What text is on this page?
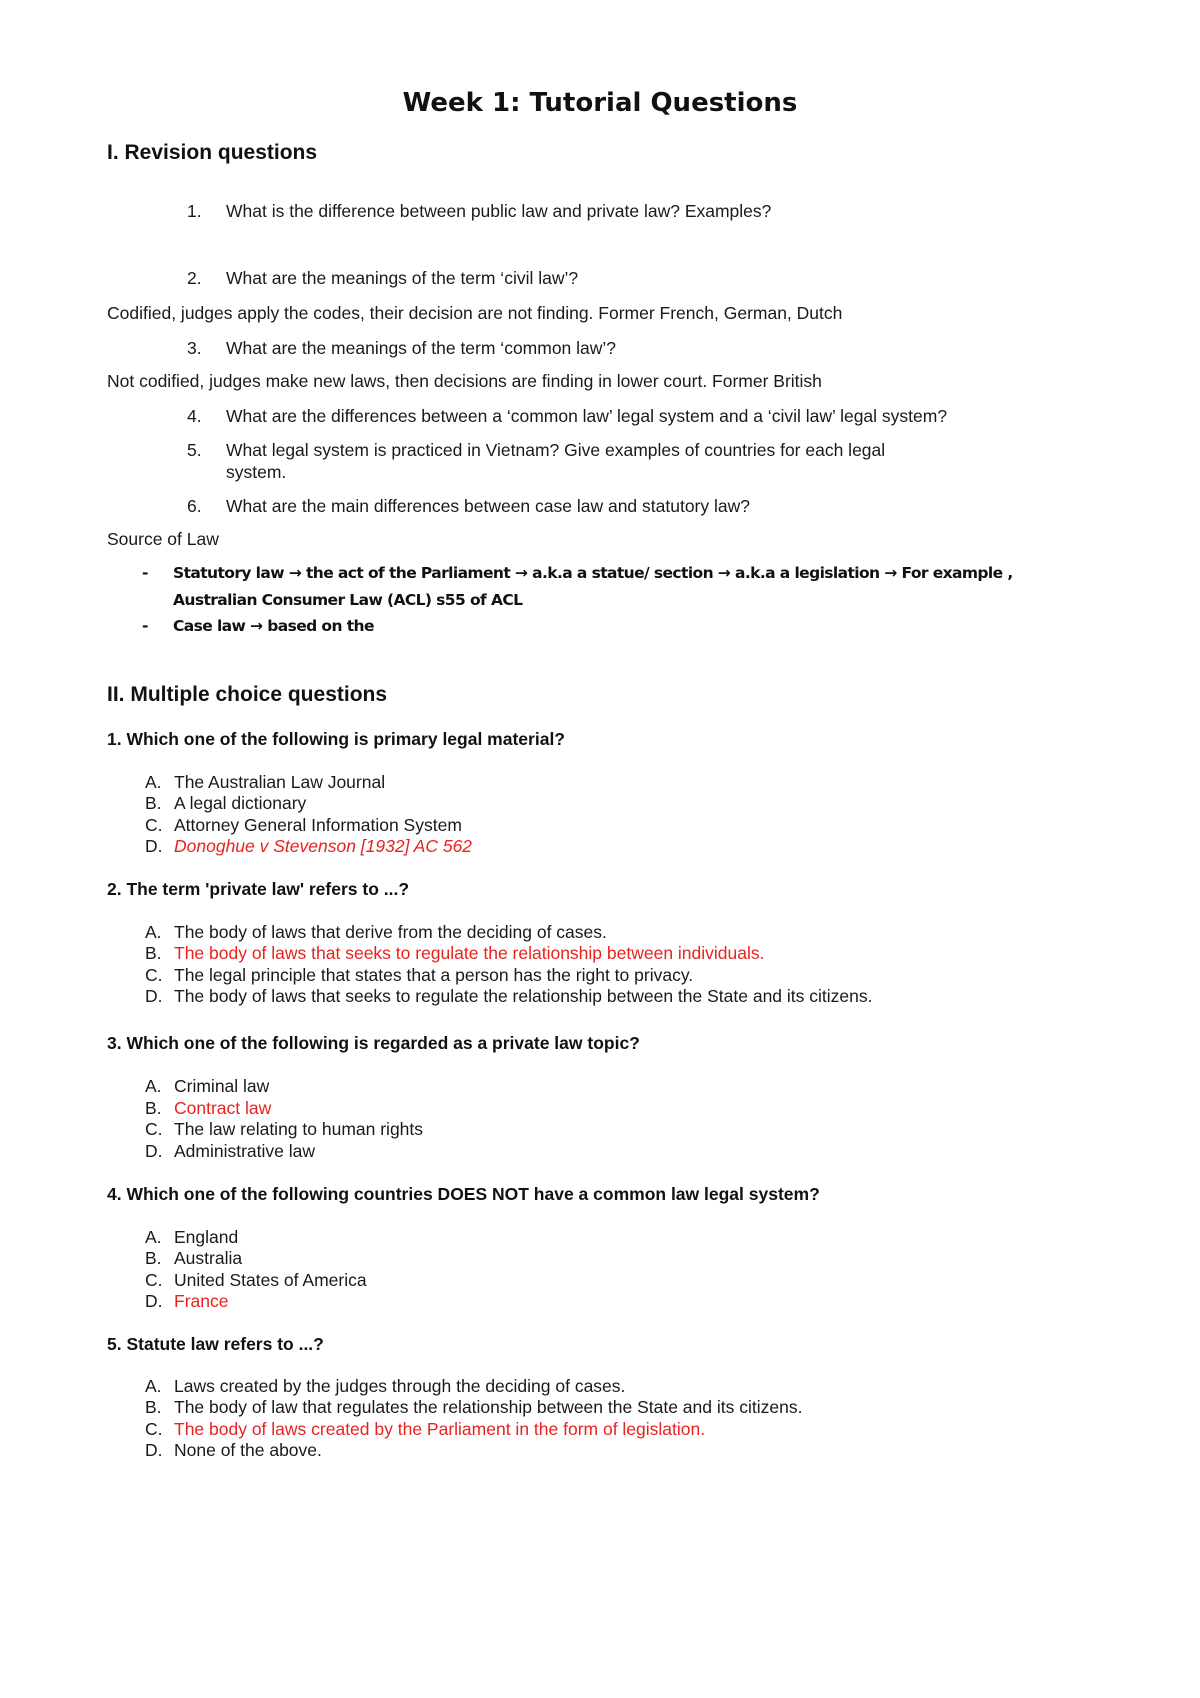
Week 1: Tutorial Questions
I. Revision questions
1. What is the difference between public law and private law? Examples?
2. What are the meanings of the term ‘civil law’?
Codified, judges apply the codes, their decision are not finding. Former French, German, Dutch
3. What are the meanings of the term ‘common law’?
Not codified, judges make new laws, then decisions are finding in lower court. Former British
4. What are the differences between a ‘common law’ legal system and a ‘civil law’ legal system?
5. What legal system is practiced in Vietnam? Give examples of countries for each legal
system.
6. What are the main differences between case law and statutory law?
Source of Law
- Statutory law → the act of the Parliament → a.k.a a statue/ section → a.k.a a legislation → For example ,
Australian Consumer Law (ACL) s55 of ACL
- Case law → based on the
II. Multiple choice questions
1. Which one of the following is primary legal material?
A. The Australian Law Journal
B. A legal dictionary
C. Attorney General Information System
D. Donoghue v Stevenson [1932] AC 562
2. The term 'private law' refers to ...?
A. The body of laws that derive from the deciding of cases.
B. The body of laws that seeks to regulate the relationship between individuals.
C. The legal principle that states that a person has the right to privacy.
D. The body of laws that seeks to regulate the relationship between the State and its citizens.
3. Which one of the following is regarded as a private law topic?
A. Criminal law
B. Contract law
C. The law relating to human rights
D. Administrative law
4. Which one of the following countries DOES NOT have a common law legal system?
A. England
B. Australia
C. United States of America
D. France
5. Statute law refers to ...?
A. Laws created by the judges through the deciding of cases.
B. The body of law that regulates the relationship between the State and its citizens.
C. The body of laws created by the Parliament in the form of legislation.
D. None of the above.
